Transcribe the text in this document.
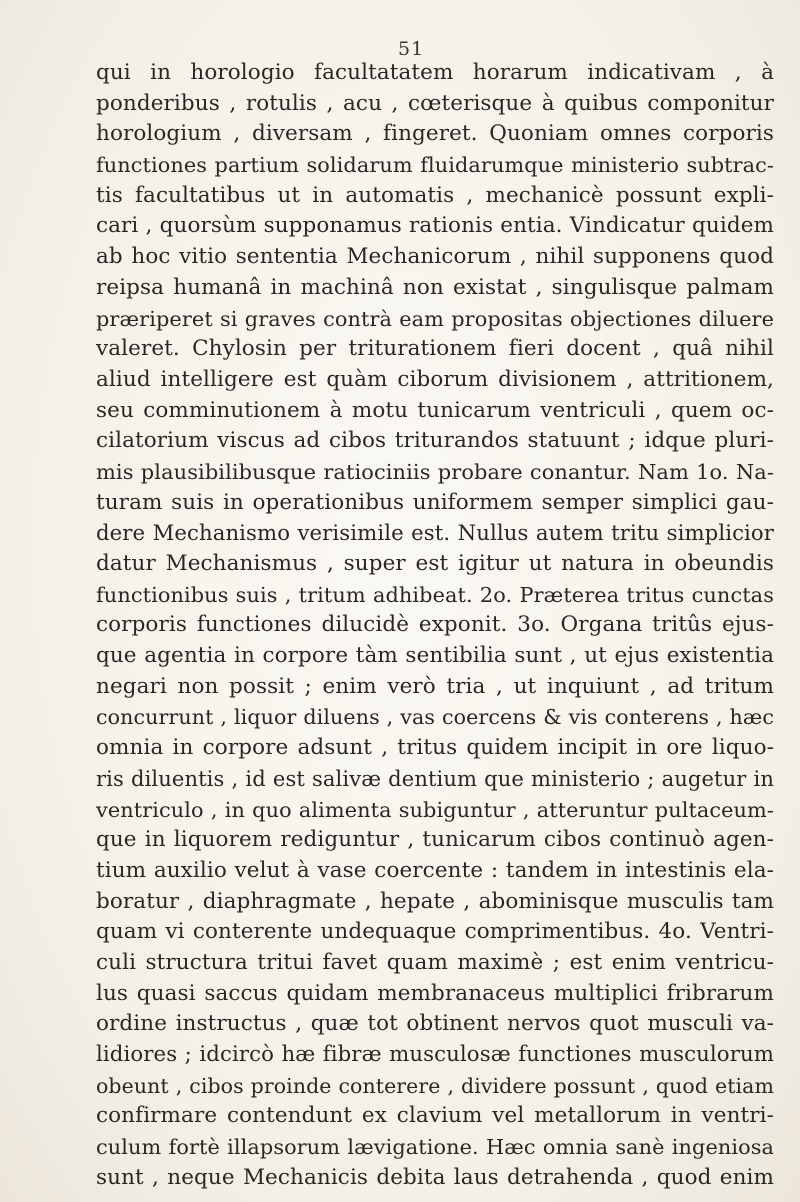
51
qui in horologio facultatatem horarum indicativam , à
ponderibus , rotulis , acu , cœterisque à quibus componitur
horologium , diversam , fingeret. Quoniam omnes corporis
functiones partium solidarum fluidarumque ministerio subtrac-
tis facultatibus ut in automatis , mechanicè possunt expli-
cari , quorsùm supponamus rationis entia. Vindicatur quidem
ab hoc vitio sententia Mechanicorum , nihil supponens quod
reipsa humanâ in machinâ non existat , singulisque palmam
præriperet si graves contrà eam propositas objectiones diluere
valeret. Chylosin per triturationem fieri docent , quâ nihil
aliud intelligere est quàm ciborum divisionem , attritionem,
seu comminutionem à motu tunicarum ventriculi , quem oc-
cilatorium viscus ad cibos triturandos statuunt ; idque pluri-
mis plausibilibusque ratiociniis probare conantur. Nam 1o. Na-
turam suis in operationibus uniformem semper simplici gau-
dere Mechanismo verisimile est. Nullus autem tritu simplicior
datur Mechanismus , super est igitur ut natura in obeundis
functionibus suis , tritum adhibeat. 2o. Præterea tritus cunctas
corporis functiones dilucidè exponit. 3o. Organa tritûs ejus-
que agentia in corpore tàm sentibilia sunt , ut ejus existentia
negari non possit ; enim verò tria , ut inquiunt , ad tritum
concurrunt , liquor diluens , vas coercens & vis conterens , hæc
omnia in corpore adsunt , tritus quidem incipit in ore liquo-
ris diluentis , id est salivæ dentium que ministerio ; augetur in
ventriculo , in quo alimenta subiguntur , atteruntur pultaceum-
que in liquorem rediguntur , tunicarum cibos continuò agen-
tium auxilio velut à vase coercente : tandem in intestinis ela-
boratur , diaphragmate , hepate , abominisque musculis tam
quam vi conterente undequaque comprimentibus. 4o. Ventri-
culi structura tritui favet quam maximè ; est enim ventricu-
lus quasi saccus quidam membranaceus multiplici fribrarum
ordine instructus , quæ tot obtinent nervos quot musculi va-
lidiores ; idcircò hæ fibræ musculosæ functiones musculorum
obeunt , cibos proinde conterere , dividere possunt , quod etiam
confirmare contendunt ex clavium vel metallorum in ventri-
culum fortè illapsorum lævigatione. Hæc omnia sanè ingeniosa
sunt , neque Mechanicis debita laus detrahenda , quod enim
